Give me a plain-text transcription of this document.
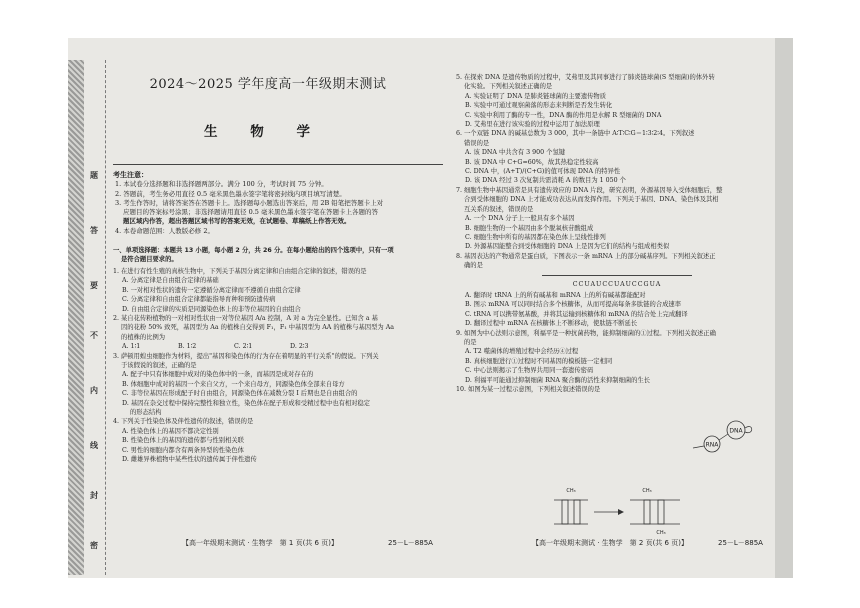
题
答
要
不
内
线
封
密
2024～2025 学年度高一年级期末测试
生 物 学
考生注意：
1. 本试卷分选择题和非选择题两部分。满分 100 分，考试时间 75 分钟。
2. 答题前，考生务必用直径 0.5 毫米黑色墨水签字笔将密封线内项目填写清楚。
3. 考生作答时，请将答案答在答题卡上。选择题每小题选出答案后，用 2B 铅笔把答题卡上对
应题目的答案标号涂黑；非选择题请用直径 0.5 毫米黑色墨水签字笔在答题卡上各题的答
题区域内作答，超出答题区域书写的答案无效，在试题卷、草稿纸上作答无效。
4. 本卷命题范围：人教版必修 2。
一、单项选择题：本题共 13 小题，每小题 2 分，共 26 分。在每小题给出的四个选项中，只有一项
是符合题目要求的。
1. 在进行有性生殖的真核生物中，下列关于基因分离定律和自由组合定律的叙述，错误的是
A. 分离定律是自由组合定律的基础
B. 一对相对性状的遗传一定遵循分离定律而不遵循自由组合定律
C. 分离定律和自由组合定律都能指导育种和预防遗传病
D. 自由组合定律的实质是同源染色体上的非等位基因的自由组合
2. 某自花传粉植物的一对相对性状由一对等位基因 A/a 控制，A 对 a 为完全显性。已知含 a 基
因的花粉 50% 致死，基因型为 Aa 的植株自交得到 F₁，F₁ 中基因型为 AA 的植株与基因型为 Aa
的植株的比例为
A. 1∶1	B. 1∶2	C. 2∶1	D. 2∶3
3. 萨顿用蝗虫细胞作为材料，提出"基因和染色体的行为存在着明显的平行关系"的假说。下列关
于该假说的叙述，正确的是
A. 配子中只有体细胞中成对的染色体中的一条，而基因是成对存在的
B. 体细胞中成对的基因一个来自父方，一个来自母方，同源染色体全部来自母方
C. 非等位基因在形成配子时自由组合，同源染色体在减数分裂 I 后期也是自由组合的
D. 基因在杂交过程中保持完整性和独立性，染色体在配子形成和受精过程中也有相对稳定
的形态结构
4. 下列关于性染色体及伴性遗传的叙述，错误的是
A. 性染色体上的基因不都决定性别
B. 性染色体上的基因的遗传都与性别相关联
C. 男性的细胞内都含有两条异型的性染色体
D. 雌雄异株植物中某些性状的遗传属于伴性遗传
【高一年级期末测试 · 生物学　第 1 页(共 6 页)】	25－L－885A
5. 在探索 DNA 是遗传物质的过程中，艾弗里及其同事进行了肺炎链球菌(S 型细菌)的体外转
化实验。下列相关叙述正确的是
A. 实验证明了 DNA 是肺炎链球菌的主要遗传物质
B. 实验中可通过观察菌落的形态来判断是否发生转化
C. 实验中利用了酶的专一性，DNA 酶的作用是水解 R 型细菌的 DNA
D. 艾弗里在进行该实验的过程中运用了加法原理
6. 一个双链 DNA 的碱基总数为 3 000，其中一条链中 A∶T∶C∶G＝1∶3∶2∶4。下列叙述
错误的是
A. 该 DNA 中共含有 3 900 个氢键
B. 该 DNA 中 C+G=60%，故其热稳定性较高
C. DNA 中，(A+T)/(C+G)的值可体现 DNA 的特异性
D. 该 DNA 经过 3 次复制共需消耗 A 的数目为 1 050 个
7. 细胞生物中基因通常是具有遗传效应的 DNA 片段，研究表明，外源基因导入受体细胞后，整
合到受体细胞的 DNA 上才能成功表达从而发挥作用。下列关于基因、DNA、染色体及其相
互关系的叙述，错误的是
A. 一个 DNA 分子上一般具有多个基因
B. 细胞生物的一个基因由多个脱氧核苷酸组成
C. 细胞生物中所有的基因都在染色体上呈线性排列
D. 外源基因能整合到受体细胞的 DNA 上是因为它们的结构与组成相类似
8. 基因表达的产物通常是蛋白质，下图表示一条 mRNA 上的部分碱基序列。下列相关叙述正
确的是
CCUAUCCUAUCCGUA
A. 翻译时 tRNA 上的所有碱基和 mRNA 上的所有碱基都能配对
B. 图示 mRNA 可以同时结合多个核糖体，从而可提高每条多肽链的合成速率
C. tRNA 可以携带氨基酸，并将其运输到核糖体和 mRNA 的结合处上完成翻译
D. 翻译过程中 mRNA 在核糖体上不断移动，使肽链不断延长
9. 如图为中心法则示意图，利福平是一种抗菌药物，能抑制细菌的①过程。下列相关叙述正确
的是
A. T2 噬菌体的增殖过程中会经历④过程
B. 真核细胞进行①过程时不同基因的模板链一定相同
C. 中心法则揭示了生物界共用同一套遗传密码
D. 利福平可能通过抑制细菌 RNA 聚合酶的活性来抑制细菌的生长
10. 如图为某一过程示意图，下列相关叙述错误的是
DNA
RNA
CH₃	CH₃
CH₃
【高一年级期末测试 · 生物学　第 2 页(共 6 页)】	25－L－885A
